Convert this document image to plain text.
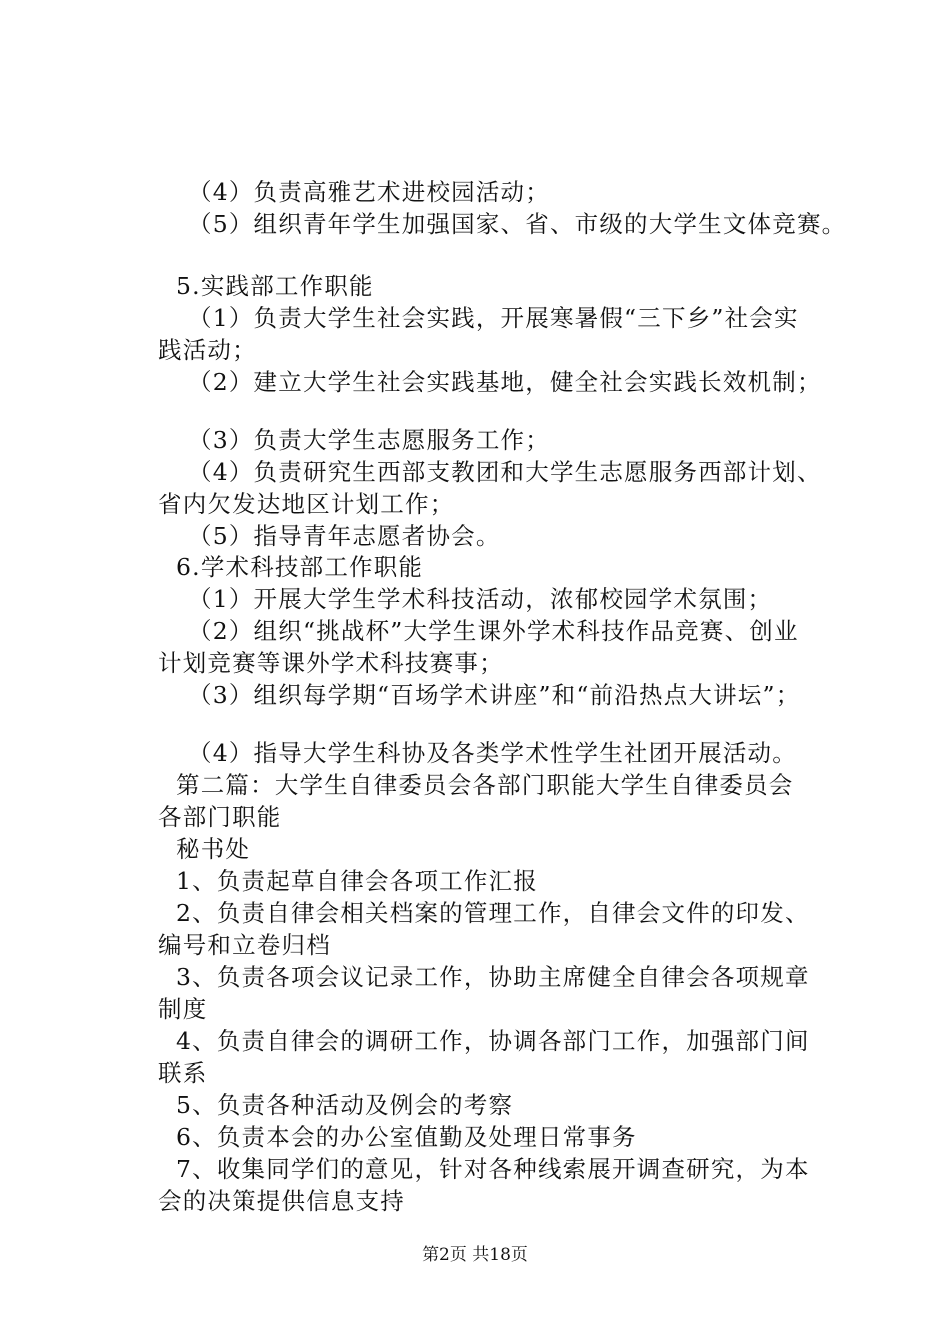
（4）负责高雅艺术进校园活动；
（5）组织青年学生加强国家、省、市级的大学生文体竞赛。
5.实践部工作职能
（1）负责大学生社会实践，开展寒暑假“三下乡”社会实
践活动；
（2）建立大学生社会实践基地，健全社会实践长效机制；
（3）负责大学生志愿服务工作；
（4）负责研究生西部支教团和大学生志愿服务西部计划、
省内欠发达地区计划工作；
（5）指导青年志愿者协会。
6.学术科技部工作职能
（1）开展大学生学术科技活动，浓郁校园学术氛围；
（2）组织“挑战杯”大学生课外学术科技作品竞赛、创业
计划竞赛等课外学术科技赛事；
（3）组织每学期“百场学术讲座”和“前沿热点大讲坛”；
（4）指导大学生科协及各类学术性学生社团开展活动。
第二篇：大学生自律委员会各部门职能大学生自律委员会
各部门职能
秘书处
1、负责起草自律会各项工作汇报
2、负责自律会相关档案的管理工作，自律会文件的印发、
编号和立卷归档
3、负责各项会议记录工作，协助主席健全自律会各项规章
制度
4、负责自律会的调研工作，协调各部门工作，加强部门间
联系
5、负责各种活动及例会的考察
6、负责本会的办公室值勤及处理日常事务
7、收集同学们的意见，针对各种线索展开调查研究，为本
会的决策提供信息支持
第2页 共18页
